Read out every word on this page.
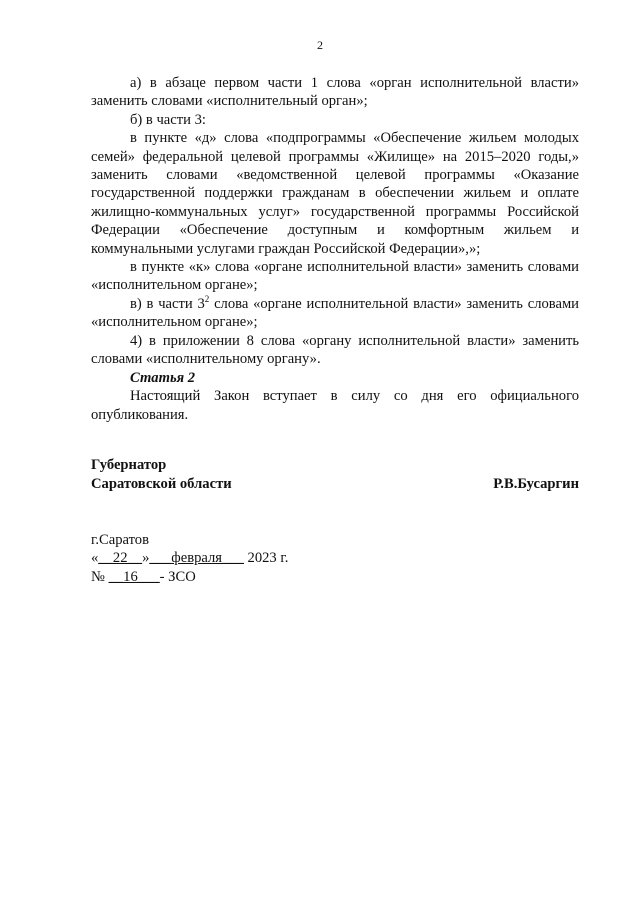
2

а) в абзаце первом части 1 слова «орган исполнительной власти» заменить словами «исполнительный орган»;

б) в части 3:

в пункте «д» слова «подпрограммы «Обеспечение жильем молодых семей» федеральной целевой программы «Жилище» на 2015–2020 годы,» заменить словами «ведомственной целевой программы «Оказание государственной поддержки гражданам в обеспечении жильем и оплате жилищно-коммунальных услуг» государственной программы Российской Федерации «Обеспечение доступным и комфортным жильем и коммунальными услугами граждан Российской Федерации»,»;

в пункте «к» слова «органе исполнительной власти» заменить словами «исполнительном органе»;

в) в части $3^2$ слова «органе исполнительной власти» заменить словами «исполнительном органе»;

4) в приложении 8 слова «органу исполнительной власти» заменить словами «исполнительному органу».

Статья 2

Настоящий Закон вступает в силу со дня его официального опубликования.

Губернатор
Саратовской области	Р.В.Бусаргин
г.Саратов
«__22__»___февраля___ 2023 г.
№ __16___- ЗСО
